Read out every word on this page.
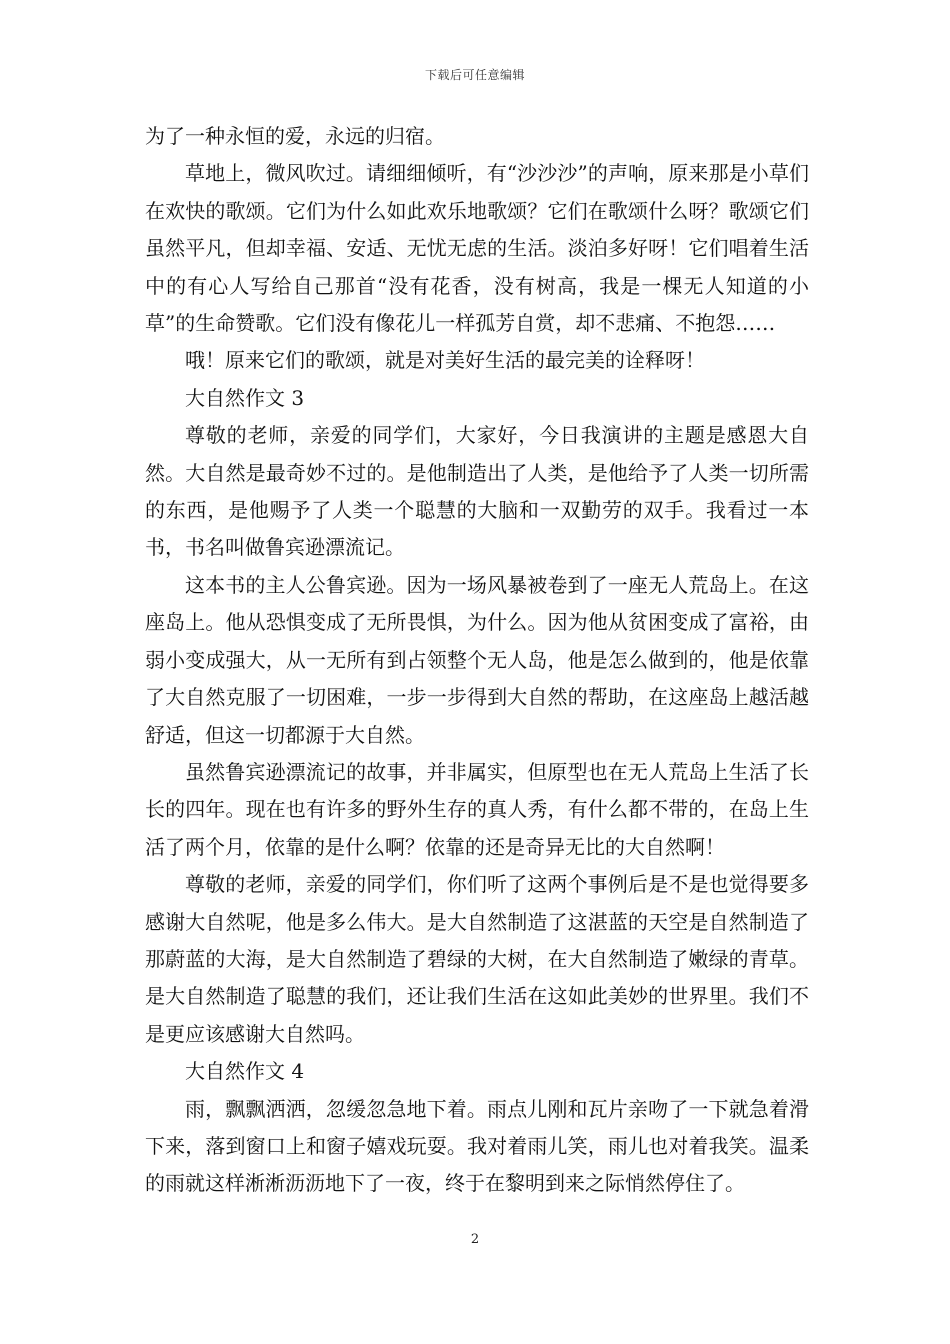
下载后可任意编辑

为了一种永恒的爱，永远的归宿。

草地上，微风吹过。请细细倾听，有“沙沙沙”的声响，原来那是小草们在欢快的歌颂。它们为什么如此欢乐地歌颂？它们在歌颂什么呀？歌颂它们虽然平凡，但却幸福、安适、无忧无虑的生活。淡泊多好呀！它们唱着生活中的有心人写给自己那首“没有花香，没有树高，我是一棵无人知道的小草”的生命赞歌。它们没有像花儿一样孤芳自赏，却不悲痛、不抱怨……

哦！原来它们的歌颂，就是对美好生活的最完美的诠释呀！

大自然作文 3

尊敬的老师，亲爱的同学们，大家好，今日我演讲的主题是感恩大自然。大自然是最奇妙不过的。是他制造出了人类，是他给予了人类一切所需的东西，是他赐予了人类一个聪慧的大脑和一双勤劳的双手。我看过一本书，书名叫做鲁宾逊漂流记。

这本书的主人公鲁宾逊。因为一场风暴被卷到了一座无人荒岛上。在这座岛上。他从恐惧变成了无所畏惧，为什么。因为他从贫困变成了富裕，由弱小变成强大，从一无所有到占领整个无人岛，他是怎么做到的，他是依靠了大自然克服了一切困难，一步一步得到大自然的帮助，在这座岛上越活越舒适，但这一切都源于大自然。

虽然鲁宾逊漂流记的故事，并非属实，但原型也在无人荒岛上生活了长长的四年。现在也有许多的野外生存的真人秀，有什么都不带的，在岛上生活了两个月，依靠的是什么啊？依靠的还是奇异无比的大自然啊！

尊敬的老师，亲爱的同学们，你们听了这两个事例后是不是也觉得要多感谢大自然呢，他是多么伟大。是大自然制造了这湛蓝的天空是自然制造了那蔚蓝的大海，是大自然制造了碧绿的大树，在大自然制造了嫩绿的青草。是大自然制造了聪慧的我们，还让我们生活在这如此美妙的世界里。我们不是更应该感谢大自然吗。

大自然作文 4

雨，飘飘洒洒，忽缓忽急地下着。雨点儿刚和瓦片亲吻了一下就急着滑下来，落到窗口上和窗子嬉戏玩耍。我对着雨儿笑，雨儿也对着我笑。温柔的雨就这样淅淅沥沥地下了一夜，终于在黎明到来之际悄然停住了。

2
